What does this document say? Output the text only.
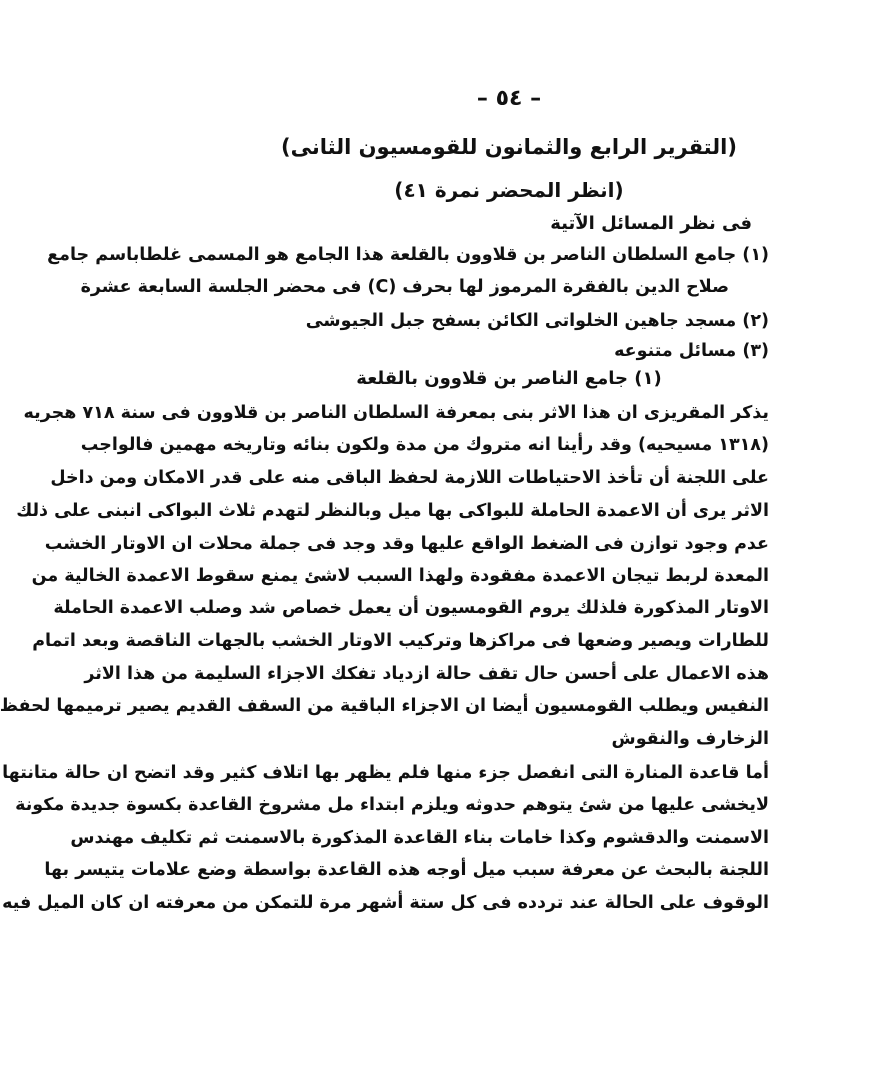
– ٥٤ –
(التقرير الرابع والثمانون للقومسيون الثانى)
(انظر المحضر نمرة ٤١)
فى نظر المسائل الآتية
(١) جامع السلطان الناصر بن قلاوون بالقلعة هذا الجامع هو المسمى غلطاباسم جامع
صلاح الدين بالفقرة المرموز لها بحرف (C) فى محضر الجلسة السابعة عشرة
(٢) مسجد جاهين الخلواتى الكائن بسفح جبل الجيوشى
(٣) مسائل متنوعه
(١) جامع الناصر بن قلاوون بالقلعة
يذكر المقريزى ان هذا الاثر بنى بمعرفة السلطان الناصر بن قلاوون فى سنة ٧١٨ هجريه
(١٣١٨ مسيحيه) وقد رأينا انه متروك من مدة ولكون بنائه وتاريخه مهمين فالواجب
على اللجنة أن تأخذ الاحتياطات اللازمة لحفظ الباقى منه على قدر الامكان ومن داخل
الاثر يرى أن الاعمدة الحاملة للبواكى بها ميل وبالنظر لتهدم ثلاث البواكى انبنى على ذلك
عدم وجود توازن فى الضغط الواقع عليها وقد وجد فى جملة محلات ان الاوتار الخشب
المعدة لربط تيجان الاعمدة مفقودة ولهذا السبب لاشئ يمنع سقوط الاعمدة الخالية من
الاوتار المذكورة فلذلك يروم القومسيون أن يعمل خصاص شد وصلب الاعمدة الحاملة
للطارات ويصير وضعها فى مراكزها وتركيب الاوتار الخشب بالجهات الناقصة وبعد اتمام
هذه الاعمال على أحسن حال تقف حالة ازدياد تفكك الاجزاء السليمة من هذا الاثر
النفيس ويطلب القومسيون أيضا ان الاجزاء الباقية من السقف القديم يصير ترميمها لحفظ
الزخارف والنقوش
أما قاعدة المنارة التى انفصل جزء منها فلم يظهر بها اتلاف كثير وقد اتضح ان حالة متانتها
لايخشى عليها من شئ يتوهم حدوثه ويلزم ابتداء مل مشروخ القاعدة بكسوة جديدة مكونة
الاسمنت والدقشوم وكذا خامات بناء القاعدة المذكورة بالاسمنت ثم تكليف مهندس
اللجنة بالبحث عن معرفة سبب ميل أوجه هذه القاعدة بواسطة وضع علامات يتيسر بها
الوقوف على الحالة عند تردده فى كل ستة أشهر مرة للتمكن من معرفته ان كان الميل فيه
